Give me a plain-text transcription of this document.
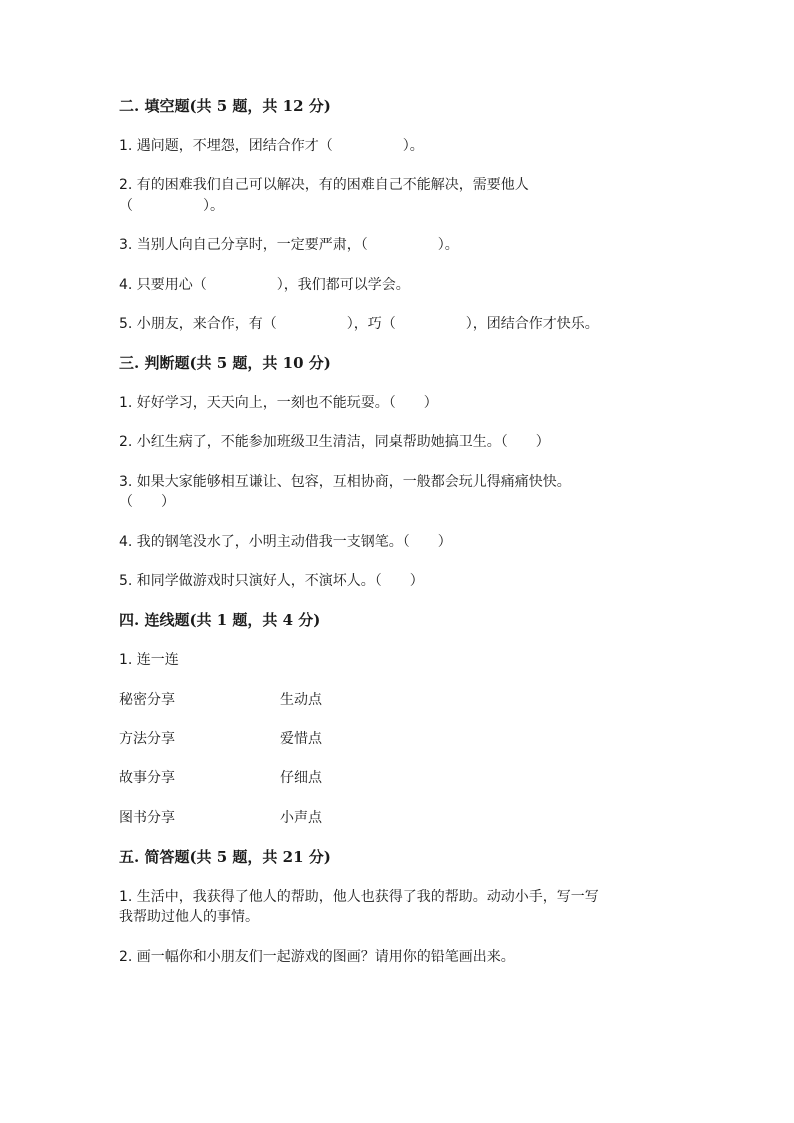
二. 填空题(共 5 题，共 12 分)
1. 遇问题，不埋怨，团结合作才（　　　　　）。
2. 有的困难我们自己可以解决，有的困难自己不能解决，需要他人
（　　　　　）。
3. 当别人向自己分享时，一定要严肃，（　　　　　）。
4. 只要用心（　　　　　），我们都可以学会。
5. 小朋友，来合作，有（　　　　　），巧（　　　　　），团结合作才快乐。
三. 判断题(共 5 题，共 10 分)
1. 好好学习，天天向上，一刻也不能玩耍。（　　）
2. 小红生病了，不能参加班级卫生清洁，同桌帮助她搞卫生。（　　）
3. 如果大家能够相互谦让、包容，互相协商，一般都会玩儿得痛痛快快。
（　　）
4. 我的钢笔没水了，小明主动借我一支钢笔。（　　）
5. 和同学做游戏时只演好人，不演坏人。（　　）
四. 连线题(共 1 题，共 4 分)
1. 连一连
秘密分享	生动点
方法分享	爱惜点
故事分享	仔细点
图书分享	小声点
五. 简答题(共 5 题，共 21 分)
1. 生活中，我获得了他人的帮助，他人也获得了我的帮助。动动小手，写一写
我帮助过他人的事情。
2. 画一幅你和小朋友们一起游戏的图画？请用你的铅笔画出来。
